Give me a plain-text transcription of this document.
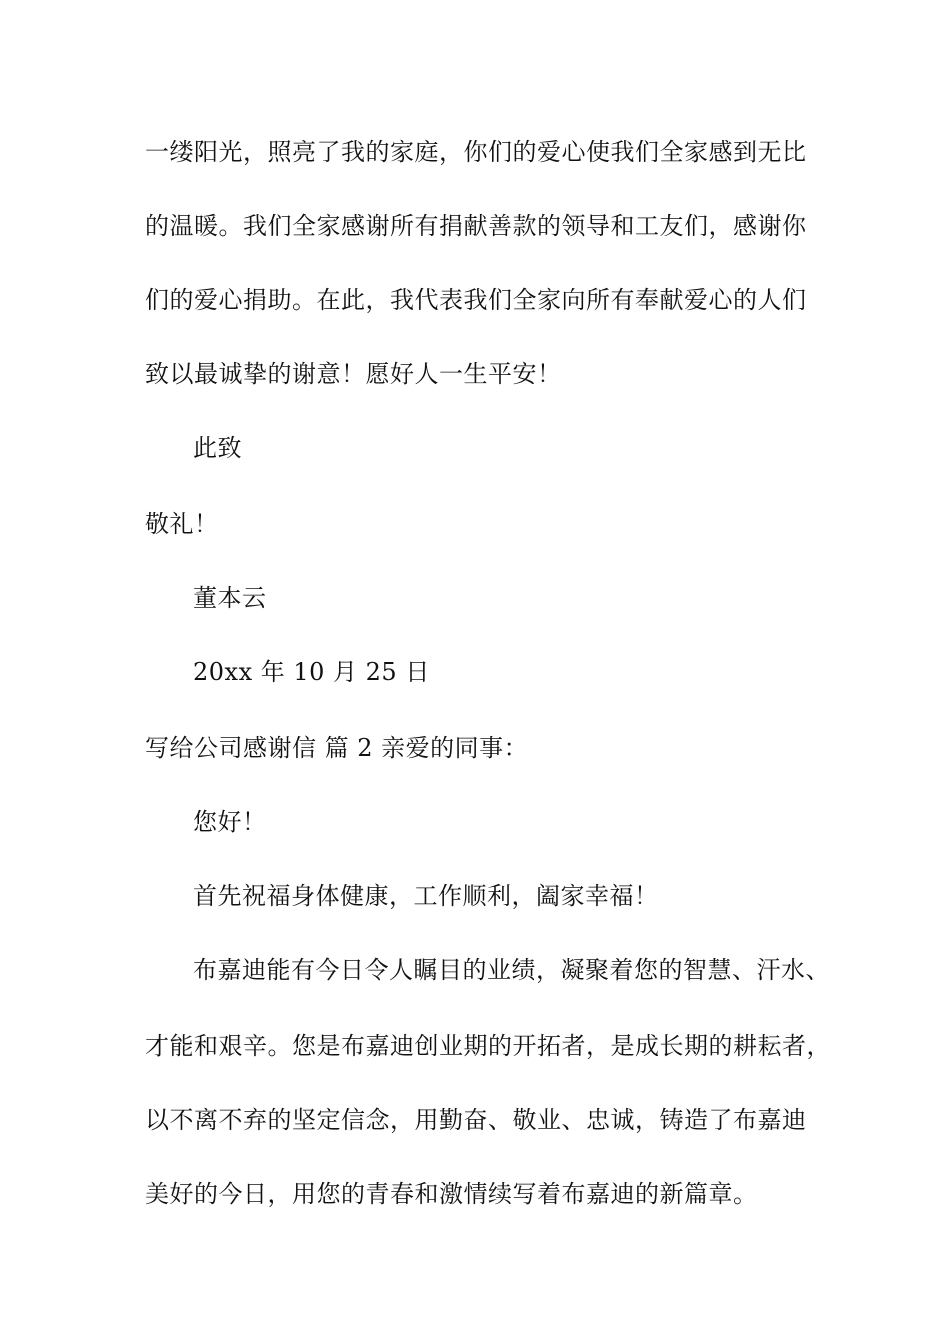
一缕阳光，照亮了我的家庭，你们的爱心使我们全家感到无比
的温暖。我们全家感谢所有捐献善款的领导和工友们，感谢你
们的爱心捐助。在此，我代表我们全家向所有奉献爱心的人们
致以最诚挚的谢意！愿好人一生平安！
此致
敬礼！
董本云
20xx 年 10 月 25 日
写给公司感谢信 篇 2 亲爱的同事：
您好！
首先祝福身体健康，工作顺利，阖家幸福！
布嘉迪能有今日令人瞩目的业绩，凝聚着您的智慧、汗水、
才能和艰辛。您是布嘉迪创业期的开拓者，是成长期的耕耘者，
以不离不弃的坚定信念，用勤奋、敬业、忠诚，铸造了布嘉迪
美好的今日，用您的青春和激情续写着布嘉迪的新篇章。
